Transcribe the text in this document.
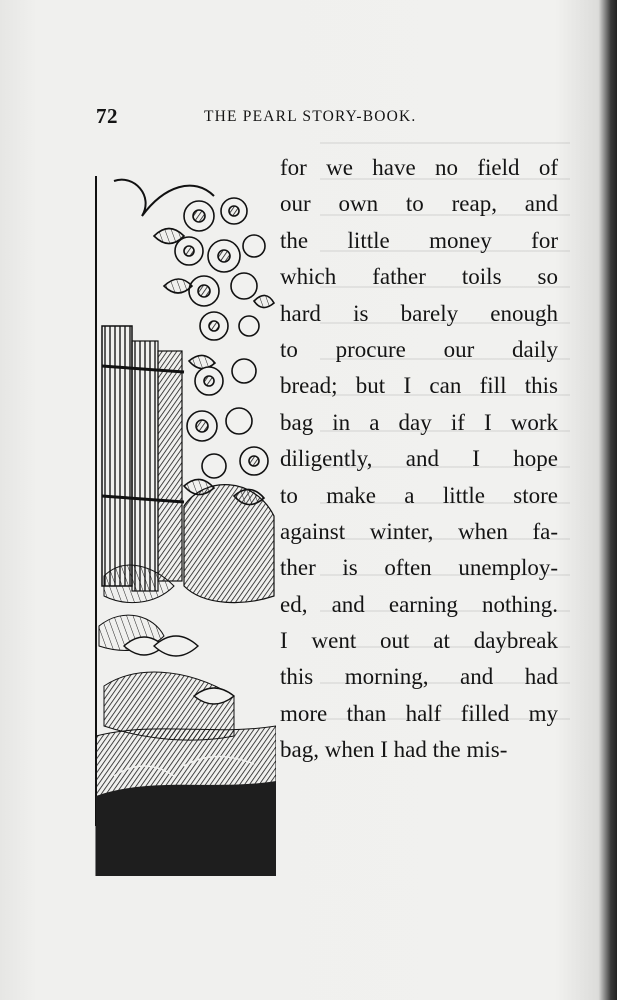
72	THE PEARL STORY-BOOK.
for we have no field of
our own to reap, and
the little money for
which father toils so
hard is barely enough
to procure our daily
bread; but I can fill this
bag in a day if I work
diligently, and I hope
to make a little store
against winter, when fa-
ther is often unemploy-
ed, and earning nothing.
I went out at daybreak
this morning, and had
more than half filled my
bag, when I had the mis-
